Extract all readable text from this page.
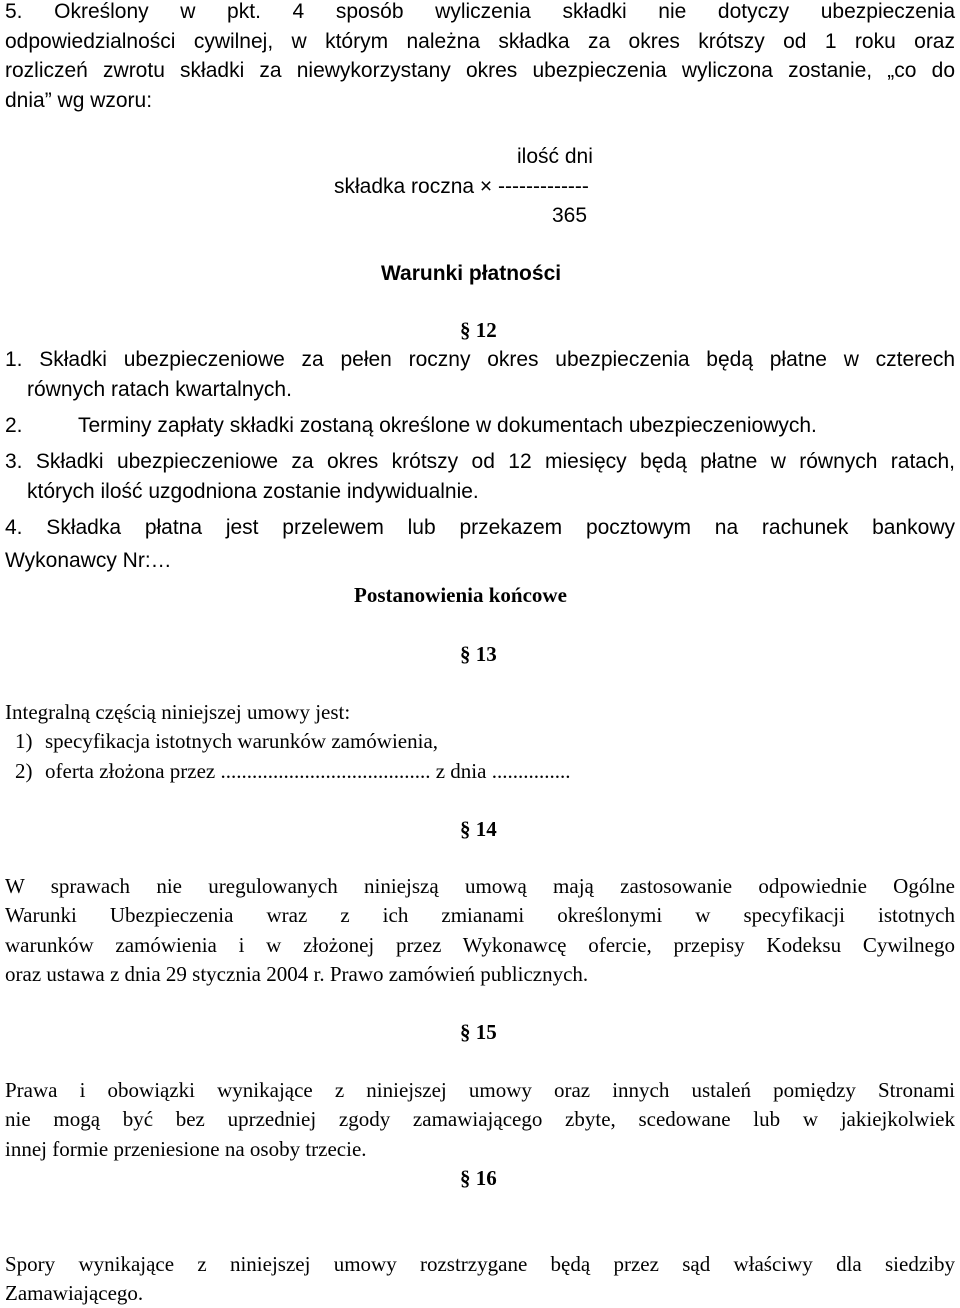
5. Określony w pkt. 4 sposób wyliczenia składki nie dotyczy ubezpieczenia
odpowiedzialności cywilnej, w którym należna składka za okres krótszy od 1 roku oraz
rozliczeń zwrotu składki za niewykorzystany okres ubezpieczenia wyliczona zostanie, „co do
dnia” wg wzoru:
ilość dni
składka roczna × -------------
365
Warunki płatności
§ 12
1. Składki ubezpieczeniowe za pełen roczny okres ubezpieczenia będą płatne w czterech
równych ratach kwartalnych.
2.	Terminy zapłaty składki zostaną określone w dokumentach ubezpieczeniowych.
3. Składki ubezpieczeniowe za okres krótszy od 12 miesięcy będą płatne w równych ratach,
których ilość uzgodniona zostanie indywidualnie.
4. Składka płatna jest przelewem lub przekazem pocztowym na rachunek bankowy
Wykonawcy Nr:…
Postanowienia końcowe
§ 13
Integralną częścią niniejszej umowy jest:
1) specyfikacja istotnych warunków zamówienia,
2) oferta złożona przez ........................................ z dnia ...............
§ 14
W sprawach nie uregulowanych niniejszą umową mają zastosowanie odpowiednie Ogólne
Warunki Ubezpieczenia wraz z ich zmianami określonymi w specyfikacji istotnych
warunków zamówienia i w złożonej przez Wykonawcę ofercie, przepisy Kodeksu Cywilnego
oraz ustawa z dnia 29 stycznia 2004 r. Prawo zamówień publicznych.
§ 15
Prawa i obowiązki wynikające z niniejszej umowy oraz innych ustaleń pomiędzy Stronami
nie mogą być bez uprzedniej zgody zamawiającego zbyte, scedowane lub w jakiejkolwiek
innej formie przeniesione na osoby trzecie.
§ 16
Spory wynikające z niniejszej umowy rozstrzygane będą przez sąd właściwy dla siedziby
Zamawiającego.
